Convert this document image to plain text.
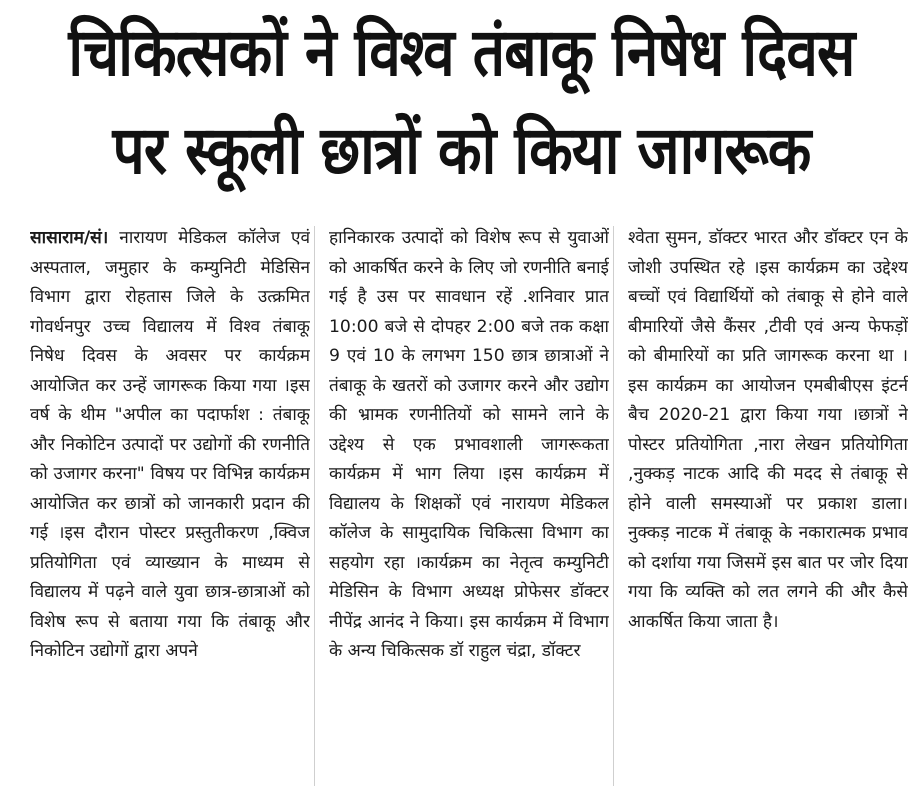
चिकित्सकों ने विश्व तंबाकू निषेध दिवस
पर स्कूली छात्रों को किया जागरूक

सासाराम/सं। नारायण मेडिकल कॉलेज एवं अस्पताल, जमुहार के कम्युनिटी मेडिसिन विभाग द्वारा रोहतास जिले के उत्क्रमित गोवर्धनपुर उच्च विद्यालय में विश्व तंबाकू निषेध दिवस के अवसर पर कार्यक्रम आयोजित कर उन्हें जागरूक किया गया ।इस वर्ष के थीम "अपील का पदार्फाश : तंबाकू और निकोटिन उत्पादों पर उद्योगों की रणनीति को उजागर करना" विषय पर विभिन्न कार्यक्रम आयोजित कर छात्रों को जानकारी प्रदान की गई ।इस दौरान पोस्टर प्रस्तुतीकरण ,क्विज प्रतियोगिता एवं व्याख्यान के माध्यम से विद्यालय में पढ़ने वाले युवा छात्र-छात्राओं को विशेष रूप से बताया गया कि तंबाकू और निकोटिन उद्योगों द्वारा अपने

हानिकारक उत्पादों को विशेष रूप से युवाओं को आकर्षित करने के लिए जो रणनीति बनाई गई है उस पर सावधान रहें .शनिवार प्रात 10:00 बजे से दोपहर 2:00 बजे तक कक्षा 9 एवं 10 के लगभग 150 छात्र छात्राओं ने तंबाकू के खतरों को उजागर करने और उद्योग की भ्रामक रणनीतियों को सामने लाने के उद्देश्य से एक प्रभावशाली जागरूकता कार्यक्रम में भाग लिया ।इस कार्यक्रम में विद्यालय के शिक्षकों एवं नारायण मेडिकल कॉलेज के सामुदायिक चिकित्सा विभाग का सहयोग रहा ।कार्यक्रम का नेतृत्व कम्युनिटी मेडिसिन के विभाग अध्यक्ष प्रोफेसर डॉक्टर नीपेंद्र आनंद ने किया। इस कार्यक्रम में विभाग के अन्य चिकित्सक डॉ राहुल चंद्रा, डॉक्टर

श्वेता सुमन, डॉक्टर भारत और डॉक्टर एन के जोशी उपस्थित रहे ।इस कार्यक्रम का उद्देश्य बच्चों एवं विद्यार्थियों को तंबाकू से होने वाले बीमारियों जैसे कैंसर ,टीवी एवं अन्य फेफड़ों को बीमारियों का प्रति जागरूक करना था ।इस कार्यक्रम का आयोजन एमबीबीएस इंटर्न बैच 2020-21 द्वारा किया गया ।छात्रों ने पोस्टर प्रतियोगिता ,नारा लेखन प्रतियोगिता ,नुक्कड़ नाटक आदि की मदद से तंबाकू से होने वाली समस्याओं पर प्रकाश डाला। नुक्कड़ नाटक में तंबाकू के नकारात्मक प्रभाव को दर्शाया गया जिसमें इस बात पर जोर दिया गया कि व्यक्ति को लत लगने की और कैसे आकर्षित किया जाता है।
